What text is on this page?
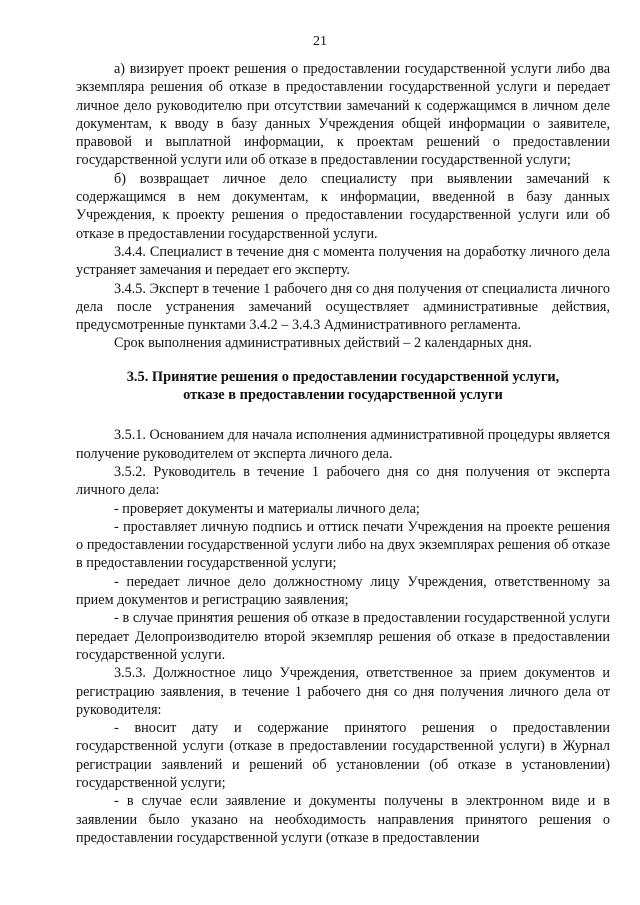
21

а) визирует проект решения о предоставлении государственной услуги либо два экземпляра решения об отказе в предоставлении государственной услуги и передает личное дело руководителю при отсутствии замечаний к содержащимся в личном деле документам, к вводу в базу данных Учреждения общей информации о заявителе, правовой и выплатной информации, к проектам решений о предоставлении государственной услуги или об отказе в предоставлении государственной услуги;

б) возвращает личное дело специалисту при выявлении замечаний к содержащимся в нем документам, к информации, введенной в базу данных Учреждения, к проекту решения о предоставлении государственной услуги или об отказе в предоставлении государственной услуги.

3.4.4. Специалист в течение дня с момента получения на доработку личного дела устраняет замечания и передает его эксперту.

3.4.5. Эксперт в течение 1 рабочего дня со дня получения от специалиста личного дела после устранения замечаний осуществляет административные действия, предусмотренные пунктами 3.4.2 – 3.4.3 Административного регламента.

Срок выполнения административных действий – 2 календарных дня.

3.5. Принятие решения о предоставлении государственной услуги,
отказе в предоставлении государственной услуги

3.5.1. Основанием для начала исполнения административной процедуры является получение руководителем от эксперта личного дела.

3.5.2. Руководитель в течение 1 рабочего дня со дня получения от эксперта личного дела:

- проверяет документы и материалы личного дела;

- проставляет личную подпись и оттиск печати Учреждения на проекте решения о предоставлении государственной услуги либо на двух экземплярах решения об отказе в предоставлении государственной услуги;

- передает личное дело должностному лицу Учреждения, ответственному за прием документов и регистрацию заявления;

- в случае принятия решения об отказе в предоставлении государственной услуги передает Делопроизводителю второй экземпляр решения об отказе в предоставлении государственной услуги.

3.5.3. Должностное лицо Учреждения, ответственное за прием документов и регистрацию заявления, в течение 1 рабочего дня со дня получения личного дела от руководителя:

- вносит дату и содержание принятого решения о предоставлении государственной услуги (отказе в предоставлении государственной услуги) в Журнал регистрации заявлений и решений об установлении (об отказе в установлении) государственной услуги;

- в случае если заявление и документы получены в электронном виде и в заявлении было указано на необходимость направления принятого решения о предоставлении государственной услуги (отказе в предоставлении
